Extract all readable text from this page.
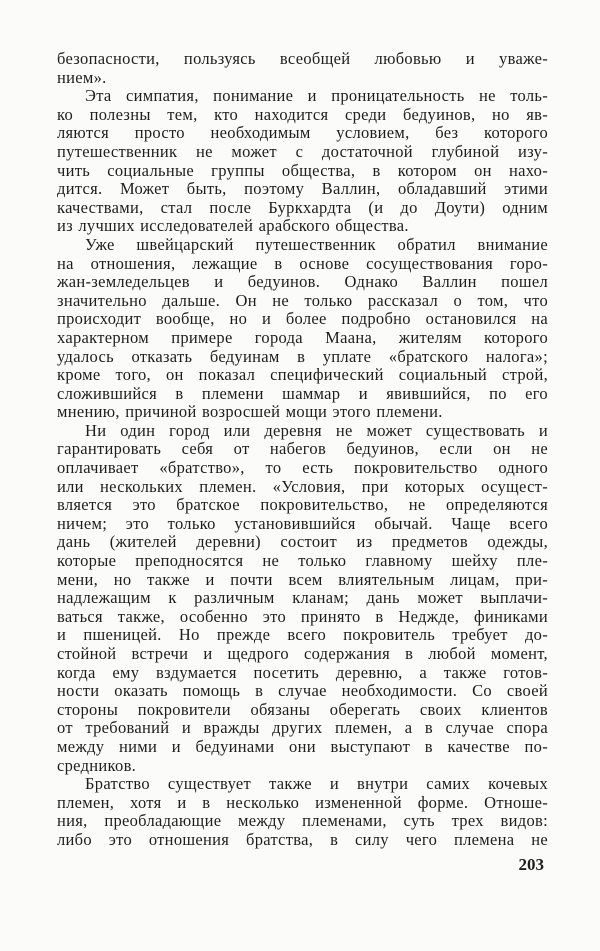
безопасности, пользуясь всеобщей любовью и уваже-
нием».
Эта симпатия, понимание и проницательность не толь-
ко полезны тем, кто находится среди бедуинов, но яв-
ляются просто необходимым условием, без которого
путешественник не может с достаточной глубиной изу-
чить социальные группы общества, в котором он нахо-
дится. Может быть, поэтому Валлин, обладавший этими
качествами, стал после Буркхардта (и до Доути) одним
из лучших исследователей арабского общества.
Уже швейцарский путешественник обратил внимание
на отношения, лежащие в основе сосуществования горо-
жан-земледельцев и бедуинов. Однако Валлин пошел
значительно дальше. Он не только рассказал о том, что
происходит вообще, но и более подробно остановился на
характерном примере города Маана, жителям которого
удалось отказать бедуинам в уплате «братского налога»;
кроме того, он показал специфический социальный строй,
сложившийся в племени шаммар и явившийся, по его
мнению, причиной возросшей мощи этого племени.
Ни один город или деревня не может существовать и
гарантировать себя от набегов бедуинов, если он не
оплачивает «братство», то есть покровительство одного
или нескольких племен. «Условия, при которых осущест-
вляется это братское покровительство, не определяются
ничем; это только установившийся обычай. Чаще всего
дань (жителей деревни) состоит из предметов одежды,
которые преподносятся не только главному шейху пле-
мени, но также и почти всем влиятельным лицам, при-
надлежащим к различным кланам; дань может выплачи-
ваться также, особенно это принято в Неджде, финиками
и пшеницей. Но прежде всего покровитель требует до-
стойной встречи и щедрого содержания в любой момент,
когда ему вздумается посетить деревню, а также готов-
ности оказать помощь в случае необходимости. Со своей
стороны покровители обязаны оберегать своих клиентов
от требований и вражды других племен, а в случае спора
между ними и бедуинами они выступают в качестве по-
средников.
Братство существует также и внутри самих кочевых
племен, хотя и в несколько измененной форме. Отноше-
ния, преобладающие между племенами, суть трех видов:
либо это отношения братства, в силу чего племена не
203
